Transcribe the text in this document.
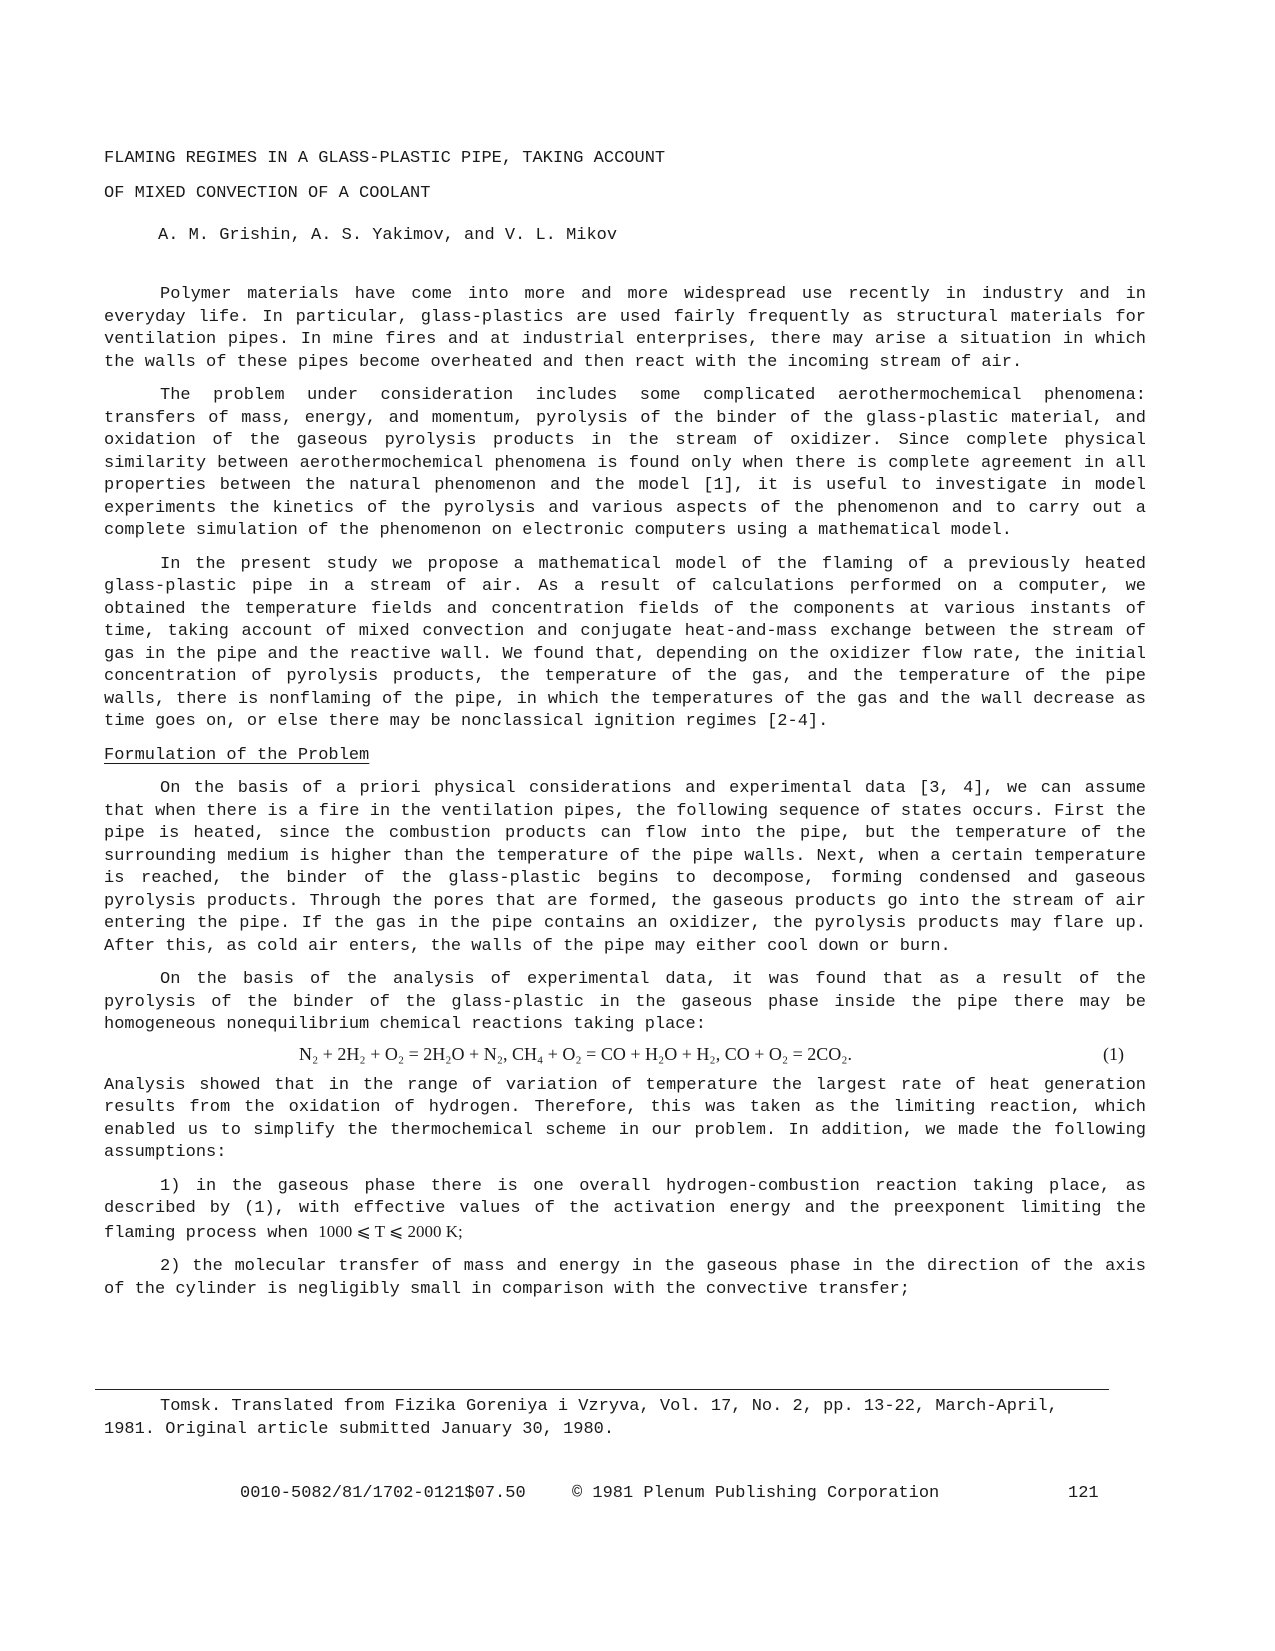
FLAMING REGIMES IN A GLASS-PLASTIC PIPE, TAKING ACCOUNT
OF MIXED CONVECTION OF A COOLANT
A. M. Grishin, A. S. Yakimov, and V. L. Mikov

Polymer materials have come into more and more widespread use recently in industry and in everyday life. In particular, glass-plastics are used fairly frequently as structural materials for ventilation pipes. In mine fires and at industrial enterprises, there may arise a situation in which the walls of these pipes become overheated and then react with the incoming stream of air.

The problem under consideration includes some complicated aerothermochemical phenomena: transfers of mass, energy, and momentum, pyrolysis of the binder of the glass-plastic material, and oxidation of the gaseous pyrolysis products in the stream of oxidizer. Since complete physical similarity between aerothermochemical phenomena is found only when there is complete agreement in all properties between the natural phenomenon and the model [1], it is useful to investigate in model experiments the kinetics of the pyrolysis and various aspects of the phenomenon and to carry out a complete simulation of the phenomenon on electronic computers using a mathematical model.

In the present study we propose a mathematical model of the flaming of a previously heated glass-plastic pipe in a stream of air. As a result of calculations performed on a computer, we obtained the temperature fields and concentration fields of the components at various instants of time, taking account of mixed convection and conjugate heat-and-mass exchange between the stream of gas in the pipe and the reactive wall. We found that, depending on the oxidizer flow rate, the initial concentration of pyrolysis products, the temperature of the gas, and the temperature of the pipe walls, there is nonflaming of the pipe, in which the temperatures of the gas and the wall decrease as time goes on, or else there may be nonclassical ignition regimes [2-4].

Formulation of the Problem

On the basis of a priori physical considerations and experimental data [3, 4], we can assume that when there is a fire in the ventilation pipes, the following sequence of states occurs. First the pipe is heated, since the combustion products can flow into the pipe, but the temperature of the surrounding medium is higher than the temperature of the pipe walls. Next, when a certain temperature is reached, the binder of the glass-plastic begins to decompose, forming condensed and gaseous pyrolysis products. Through the pores that are formed, the gaseous products go into the stream of air entering the pipe. If the gas in the pipe contains an oxidizer, the pyrolysis products may flare up. After this, as cold air enters, the walls of the pipe may either cool down or burn.

On the basis of the analysis of experimental data, it was found that as a result of the pyrolysis of the binder of the glass-plastic in the gaseous phase inside the pipe there may be homogeneous nonequilibrium chemical reactions taking place:

N₂ + 2H₂ + O₂ = 2H₂O + N₂, CH₄ + O₂ = CO + H₂O + H₂, CO + O₂ = 2CO₂.	(1)

Analysis showed that in the range of variation of temperature the largest rate of heat generation results from the oxidation of hydrogen. Therefore, this was taken as the limiting reaction, which enabled us to simplify the thermochemical scheme in our problem. In addition, we made the following assumptions:

1) in the gaseous phase there is one overall hydrogen-combustion reaction taking place, as described by (1), with effective values of the activation energy and the preexponent limiting the flaming process when 1000 ⩽ T ⩽ 2000 K;

2) the molecular transfer of mass and energy in the gaseous phase in the direction of the axis of the cylinder is negligibly small in comparison with the convective transfer;

Tomsk. Translated from Fizika Goreniya i Vzryva, Vol. 17, No. 2, pp. 13-22, March-April, 1981. Original article submitted January 30, 1980.

0010-5082/81/1702-0121$07.50	© 1981 Plenum Publishing Corporation	121
